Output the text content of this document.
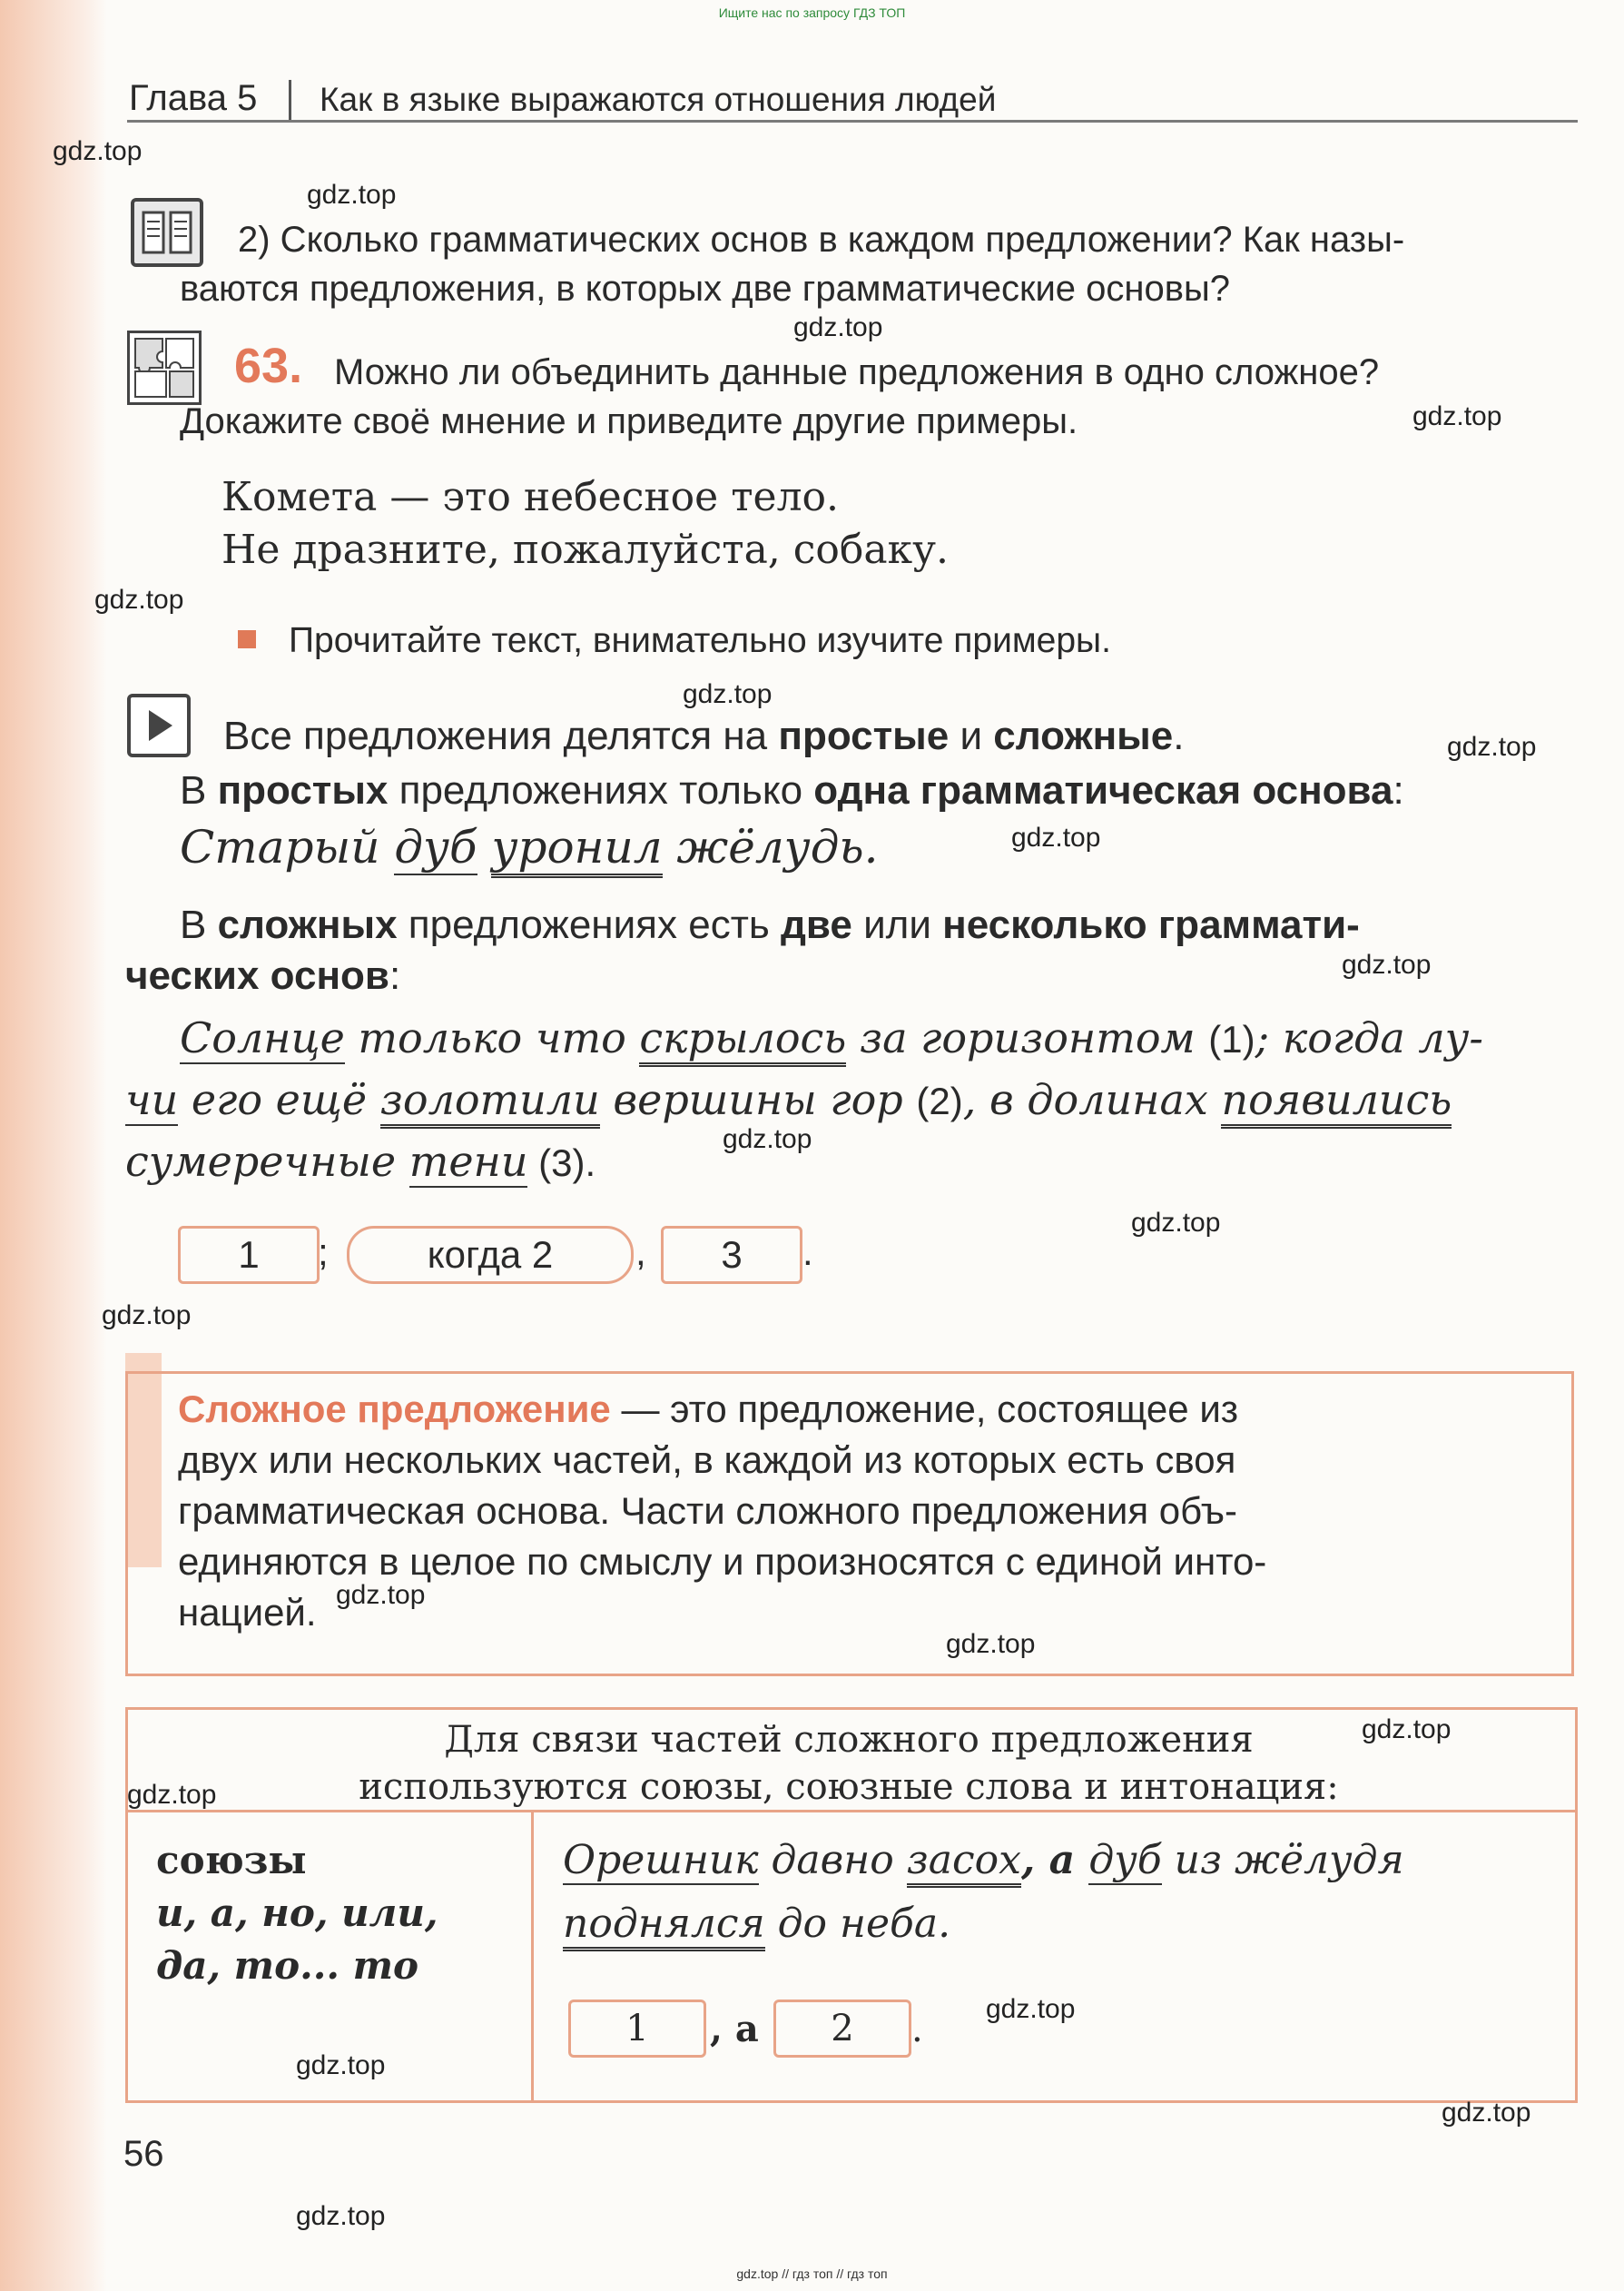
Ищите нас по запросу ГДЗ ТОП
gdz.top // гдз топ // гдз топ
Глава 5 Как в языке выражаются отношения людей
2) Сколько грамматических основ в каждом предложении? Как назы-
ваются предложения, в которых две грамматические основы?
63. Можно ли объединить данные предложения в одно сложное?
Докажите своё мнение и приведите другие примеры.
Комета — это небесное тело.
Не дразните, пожалуйста, собаку.
Прочитайте текст, внимательно изучите примеры.
Все предложения делятся на простые и сложные.
В простых предложениях только одна грамматическая основа:
Старый дуб уронил жёлудь.
В сложных предложениях есть две или несколько граммати-
ческих основ:
Солнце только что скрылось за горизонтом (1); когда лу-
чи его ещё золотили вершины гор (2), в долинах появились
сумеречные тени (3).
1	;	когда 2	,	3	.
Сложное предложение — это предложение, состоящее из
двух или нескольких частей, в каждой из которых есть своя
грамматическая основа. Части сложного предложения объ-
единяются в целое по смыслу и произносятся с единой инто-
нацией.
Для связи частей сложного предложения
используются союзы, союзные слова и интонация:
союзы
и, а, но, или,
да, то... то
Орешник давно засох, а дуб из жёлудя
поднялся до неба.
1	, а	2	.
56
gdz.top
gdz.top
gdz.top
gdz.top
gdz.top
gdz.top
gdz.top
gdz.top
gdz.top
gdz.top
gdz.top
gdz.top
gdz.top
gdz.top
gdz.top
gdz.top
gdz.top
gdz.top
gdz.top
gdz.top
